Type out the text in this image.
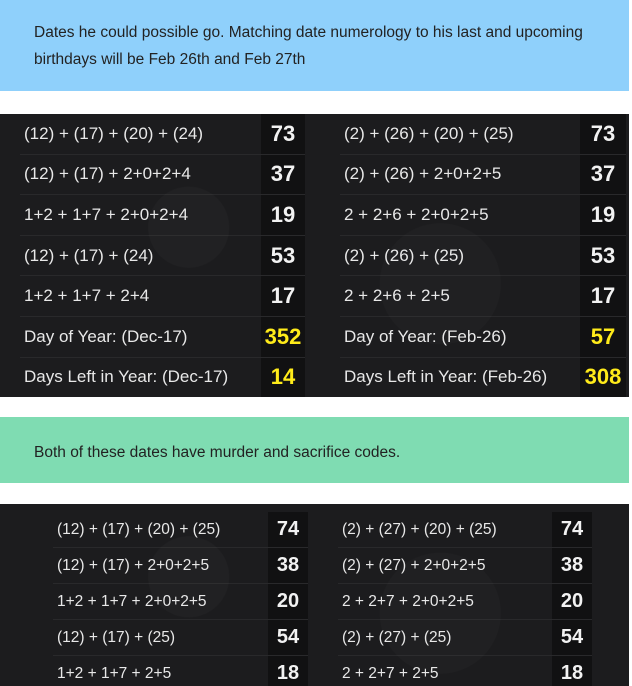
Dates he could possible go. Matching date numerology to his last and upcoming birthdays will be Feb 26th and Feb 27th

(12) + (17) + (20) + (24)	73
(12) + (17) + 2+0+2+4	37
1+2 + 1+7 + 2+0+2+4	19
(12) + (17) + (24)	53
1+2 + 1+7 + 2+4	17
Day of Year: (Dec-17)	352
Days Left in Year: (Dec-17)	14
(2) + (26) + (20) + (25)	73
(2) + (26) + 2+0+2+5	37
2 + 2+6 + 2+0+2+5	19
(2) + (26) + (25)	53
2 + 2+6 + 2+5	17
Day of Year: (Feb-26)	57
Days Left in Year: (Feb-26)	308

Both of these dates have murder and sacrifice codes.

(12) + (17) + (20) + (25)	74
(12) + (17) + 2+0+2+5	38
1+2 + 1+7 + 2+0+2+5	20
(12) + (17) + (25)	54
1+2 + 1+7 + 2+5	18
(2) + (27) + (20) + (25)	74
(2) + (27) + 2+0+2+5	38
2 + 2+7 + 2+0+2+5	20
(2) + (27) + (25)	54
2 + 2+7 + 2+5	18
